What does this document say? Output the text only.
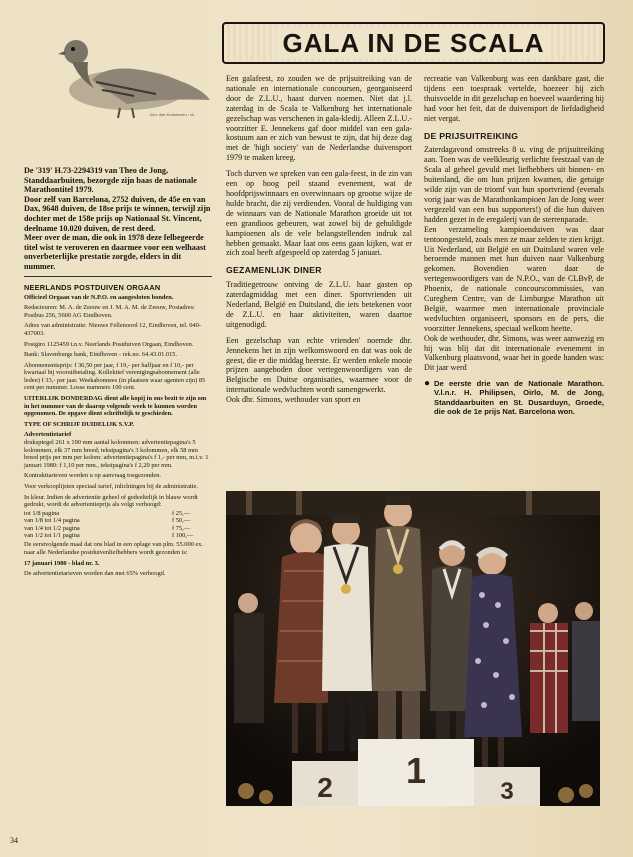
foto: dde Koekhoven / vh

De '319' H.73-2294319 van Theo de Jong, Standdaarbuiten, bezorgde zijn baas de nationale Marathontitel 1979.

Door zelf van Barcelona, 2752 duiven, de 45e en van Dax, 9648 duiven, de 18se prijs te winnen, terwijl zijn dochter met de 158e prijs op Nationaal St. Vincent, deelname 10.020 duiven, de rest deed.

Meer over de man, die ook in 1978 deze felbegeerde titel wist te veroveren en daarmee voor een welhaast onverbeterlijke prestatie zorgde, elders in dit nummer.

NEERLANDS POSTDUIVEN ORGAAN

Officieel Orgaan van de N.P.O. en aangesloten bonden.

Redacteuren: M. A. de Zeeuw en J. M. A. M. de Zeeuw, Postadres: Postbus 256, 5600 AG Eindhoven.

Adres van administratie: Nieuwe Fellenoord 12, Eindhoven, tel. 040-437003.

Postgiro 1125459 t.n.v. Neerlands Postduiven Orgaan, Eindhoven.

Bank: Slavenburgs bank, Eindhoven - rek.no. 64.43.01.015.

Abonnementsprijs: f 36,50 per jaar, f 19,- per halfjaar en f 10,- per kwartaal bij vooruitbetaling. Kollektief verenigingsabonnement (alle leden) f 33,- per jaar. Weekabonnees (in plaatsen waar agenten zijn) 85 cent per nummer. Losse nummers 100 cent.

UITERLIJK DONDERDAG dient alle kopij in ons bezit te zijn om in het nummer van de daarop volgende week te kunnen worden opgenomen. De opgave dient schriftelijk te geschieden.

TYPE OF SCHRIJF DUIDELIJK S.V.P.

Advertentietarief

drukspiegel 261 x 190 mm aantal kolommen: advertentiepagina's 5 kolommen, elk 37 mm breed; tekstpagina's 3 kolommen, elk 58 mm breed prijs per mm per kolom: advertentiepagina's f 1,- per mm, m.i.v. 1 januari 1980: f 1,10 per mm., tekstpagina's f 2,20 per mm.

Kontrakttarieven worden u op aanvraag toegezonden.

Voor verkooplijsten speciaal tarief, inlichtingen bij de administratie.

In kleur. Indien de advertentie geheel of gedeeltelijk in blauw wordt gedrukt, wordt de advertentieprijs als volgt verhoogd:

tot 1/8 pagina	f 25,—
van 1/8 tot 1/4 pagina	f 50,—
van 1/4 tot 1/2 pagina	f 75,—
van 1/2 tot 1/1 pagina	f 100,—

De eerstvolgende maal dat ons blad in een oplage van plm. 55.000 ex. naar alle Nederlandse postduivenliefhebbers wordt gezonden is:

17 januari 1980 - blad nr. 3.

De advertentietarieven worden dan met 65% verhoogd.

34
GALA IN DE SCALA

Een galafeest, zo zouden we de prijsuitreiking van de nationale en internationale concoursen, georganiseerd door de Z.L.U., haast durven noemen. Niet dat j.l. zaterdag in de Scala te Valkenburg het internationale gezelschap was verschenen in gala-kledij. Alleen Z.L.U.-voorzitter E. Jennekens gaf door middel van een gala-kostuum aan er zich van bewust te zijn, dat hij deze dag met de 'high society' van de Nederlandse duivensport 1979 te maken kreeg.

Toch durven we spreken van een gala-feest, in de zin van een op hoog peil staand evenement, wat de hoofdprijswinnaars en overwinnaars op grootse wijze de hulde bracht, die zij verdienden. Vooral de huldiging van de winnaars van de Nationale Marathon groeide uit tot een grandioos gebeuren, wat zowel bij de gehuldigde kampioenen als de vele belangstellenden indruk zal hebben gemaakt. Maar laat ons eens gaan kijken, wat er zich zoal heeft afgespeeld op zaterdag 5 januari.

GEZAMENLIJK DINER

Traditiegetrouw ontving de Z.L.U. haar gasten op zaterdagmiddag met een diner. Sportvrienden uit Nederland, België en Duitsland, die iets betekenen voor de Z.L.U. en haar aktiviteiten, waren daartoe uitgenodigd.

Een gezelschap van echte vrienden' noemde dhr. Jennekens het in zijn welkomswoord en dat was ook de geest, die er die middag heerste. Er werden enkele mooie prijzen aangeboden door vertegenwoordigers van de Belgische en Duitse organisaties, waarmee voor de internationale wedvluchten wordt samengewerkt.

Ook dhr. Simons, wethouder van sport en

recreatie van Valkenburg was een dankbare gast, die tijdens een toespraak vertelde, hoezeer hij zich thuisvoelde in dit gezelschap en hoeveel waardering hij had voor het feit, dat de duivensport de liefdadigheid niet vergat.

DE PRIJSUITREIKING

Zaterdagavond omstreeks 8 u. ving de prijsuitreiking aan. Toen was de veelkleurig verlichte feestzaal van de Scala al geheel gevuld met liefhebbers uit binnen- en buitenland, die om hun prijzen kwamen, die getuige wilde zijn van de triomf van hun sportvriend (evenals vorig jaar was de Marathonkampioen Jan de Jong weer vergezeld van een bus supporters!) of die hun duiven hadden gezet in de eregalerij van de sterrenparade.

Een verzameling kampioenduiven was daar tentoongesteld, zoals men ze maar zelden te zien krijgt. Uit Nederland, uit België en uit Duitsland waren vele beroemde mannen met hun duiven naar Valkenburg gekomen. Bovendien waren daar de vertegenwoordigers van de N.P.O., van de CLBvP, de Phoenix, de nationale concourscommissies, van Cureghem Centre, van de Limburgse Marathon uit België, waarmee men internationale provinciale wedvluchten organiseert, sponsors en de pers, die voorzitter Jennekens, speciaal welkom heette.

Ook de wethouder, dhr. Simons, was weer aanwezig en hij was blij dat dit internationale evenement in Valkenburg plaatsvond, waar het in goede handen was: Dit jaar werd

● De eerste drie van de Nationale Marathon. V.l.n.r. H. Philipsen, Oirlo, M. de Jong, Standdaarbuiten en St. Dusarduyn, Groede, die ook de 1e prijs Nat. Barcelona won.
1
2	3
